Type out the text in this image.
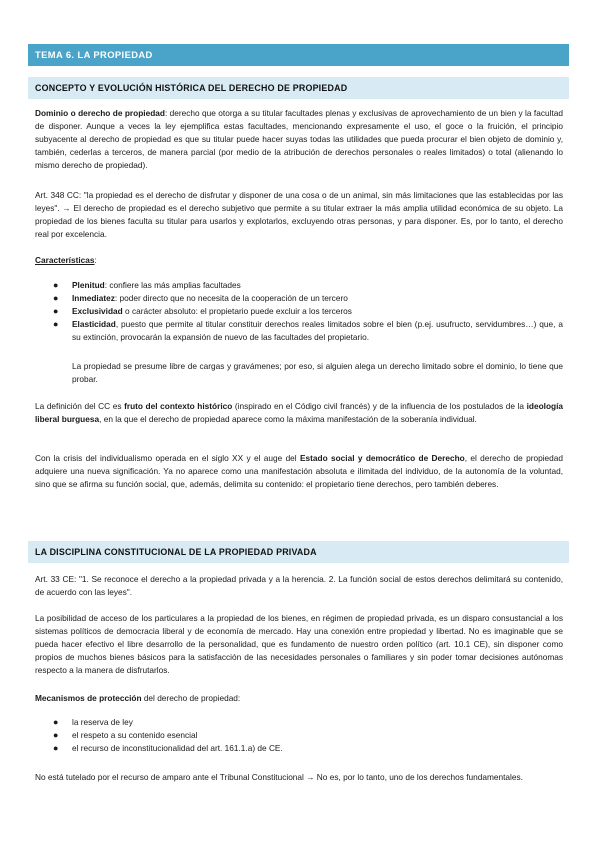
TEMA 6. LA PROPIEDAD
CONCEPTO Y EVOLUCIÓN HISTÓRICA DEL DERECHO DE PROPIEDAD

Dominio o derecho de propiedad: derecho que otorga a su titular facultades plenas y exclusivas de aprovechamiento de un bien y la facultad de disponer. Aunque a veces la ley ejemplifica estas facultades, mencionando expresamente el uso, el goce o la fruición, el principio subyacente al derecho de propiedad es que su titular puede hacer suyas todas las utilidades que pueda procurar el bien objeto de dominio y, también, cederlas a terceros, de manera parcial (por medio de la atribución de derechos personales o reales limitados) o total (alienando lo mismo derecho de propiedad).

Art. 348 CC: "la propiedad es el derecho de disfrutar y disponer de una cosa o de un animal, sin más limitaciones que las establecidas por las leyes". → El derecho de propiedad es el derecho subjetivo que permite a su titular extraer la más amplia utilidad económica de su objeto. La propiedad de los bienes faculta su titular para usarlos y explotarlos, excluyendo otras personas, y para disponer. Es, por lo tanto, el derecho real por excelencia.

Características:

● Plenitud: confiere las más amplias facultades
● Inmediatez: poder directo que no necesita de la cooperación de un tercero
● Exclusividad o carácter absoluto: el propietario puede excluir a los terceros
● Elasticidad, puesto que permite al titular constituir derechos reales limitados sobre el bien (p.ej. usufructo, servidumbres…) que, a su extinción, provocarán la expansión de nuevo de las facultades del propietario.

La propiedad se presume libre de cargas y gravámenes; por eso, si alguien alega un derecho limitado sobre el dominio, lo tiene que probar.

La definición del CC es fruto del contexto histórico (inspirado en el Código civil francés) y de la influencia de los postulados de la ideología liberal burguesa, en la que el derecho de propiedad aparece como la máxima manifestación de la soberanía individual.

Con la crisis del individualismo operada en el siglo XX y el auge del Estado social y democrático de Derecho, el derecho de propiedad adquiere una nueva significación. Ya no aparece como una manifestación absoluta e ilimitada del individuo, de la autonomía de la voluntad, sino que se afirma su función social, que, además, delimita su contenido: el propietario tiene derechos, pero también deberes.

LA DISCIPLINA CONSTITUCIONAL DE LA PROPIEDAD PRIVADA

Art. 33 CE: "1. Se reconoce el derecho a la propiedad privada y a la herencia. 2. La función social de estos derechos delimitará su contenido, de acuerdo con las leyes".

La posibilidad de acceso de los particulares a la propiedad de los bienes, en régimen de propiedad privada, es un disparo consustancial a los sistemas políticos de democracia liberal y de economía de mercado. Hay una conexión entre propiedad y libertad. No es imaginable que se pueda hacer efectivo el libre desarrollo de la personalidad, que es fundamento de nuestro orden político (art. 10.1 CE), sin disponer como propios de muchos bienes básicos para la satisfacción de las necesidades personales o familiares y sin poder tomar decisiones autónomas respecto a la manera de disfrutarlos.

Mecanismos de protección del derecho de propiedad:

● la reserva de ley
● el respeto a su contenido esencial
● el recurso de inconstitucionalidad del art. 161.1.a) de CE.

No está tutelado por el recurso de amparo ante el Tribunal Constitucional → No es, por lo tanto, uno de los derechos fundamentales.
